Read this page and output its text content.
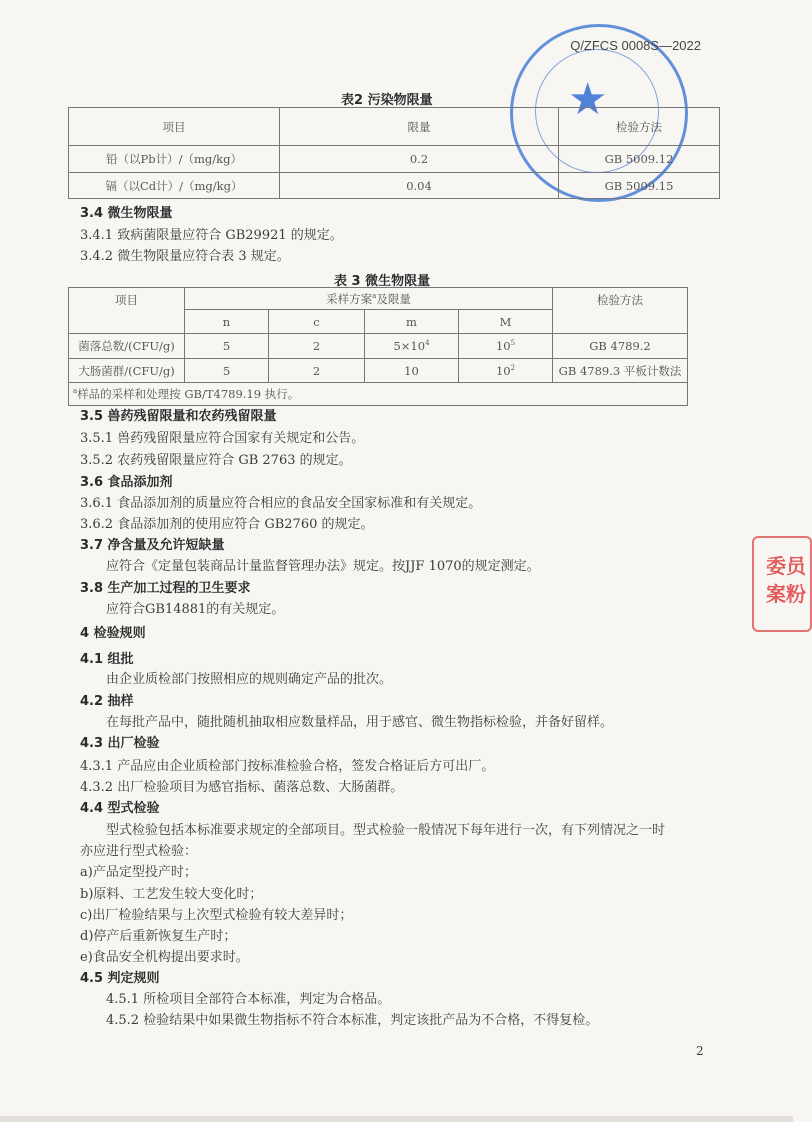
★
Q/ZFCS 0008S—2022
表2 污染物限量
项目	限量	检验方法
铅（以Pb计）/（mg/kg）	0.2	GB 5009.12
镉（以Cd计）/（mg/kg）	0.04	GB 5009.15
3.4 微生物限量
3.4.1 致病菌限量应符合 GB29921 的规定。
3.4.2 微生物限量应符合表 3 规定。
表 3 微生物限量
项目	采样方案$^a$及限量				检验方法
	n	c	m	M	
菌落总数/(CFU/g)	5	2	$5\times 10^4$	$10^5$	GB 4789.2
大肠菌群/(CFU/g)	5	2	10	$10^2$	GB 4789.3 平板计数法
$^a$样品的采样和处理按 GB/T4789.19 执行。					
3.5 兽药残留限量和农药残留限量
3.5.1 兽药残留限量应符合国家有关规定和公告。
3.5.2 农药残留限量应符合 GB 2763 的规定。
3.6 食品添加剂
3.6.1 食品添加剂的质量应符合相应的食品安全国家标准和有关规定。
3.6.2 食品添加剂的使用应符合 GB2760 的规定。
3.7 净含量及允许短缺量
应符合《定量包装商品计量监督管理办法》规定。按JJF 1070的规定测定。
3.8 生产加工过程的卫生要求
应符合GB14881的有关规定。
4 检验规则
4.1 组批
由企业质检部门按照相应的规则确定产品的批次。
4.2 抽样
在每批产品中，随批随机抽取相应数量样品，用于感官、微生物指标检验，并备好留样。
4.3 出厂检验
4.3.1 产品应由企业质检部门按标准检验合格，签发合格证后方可出厂。
4.3.2 出厂检验项目为感官指标、菌落总数、大肠菌群。
4.4 型式检验
型式检验包括本标准要求规定的全部项目。型式检验一般情况下每年进行一次，有下列情况之一时
亦应进行型式检验：
a)产品定型投产时；
b)原料、工艺发生较大变化时；
c)出厂检验结果与上次型式检验有较大差异时；
d)停产后重新恢复生产时；
e)食品安全机构提出要求时。
4.5 判定规则
4.5.1 所检项目全部符合本标准，判定为合格品。
4.5.2 检验结果中如果微生物指标不符合本标准，判定该批产品为不合格，不得复检。
委员
案粉
2
